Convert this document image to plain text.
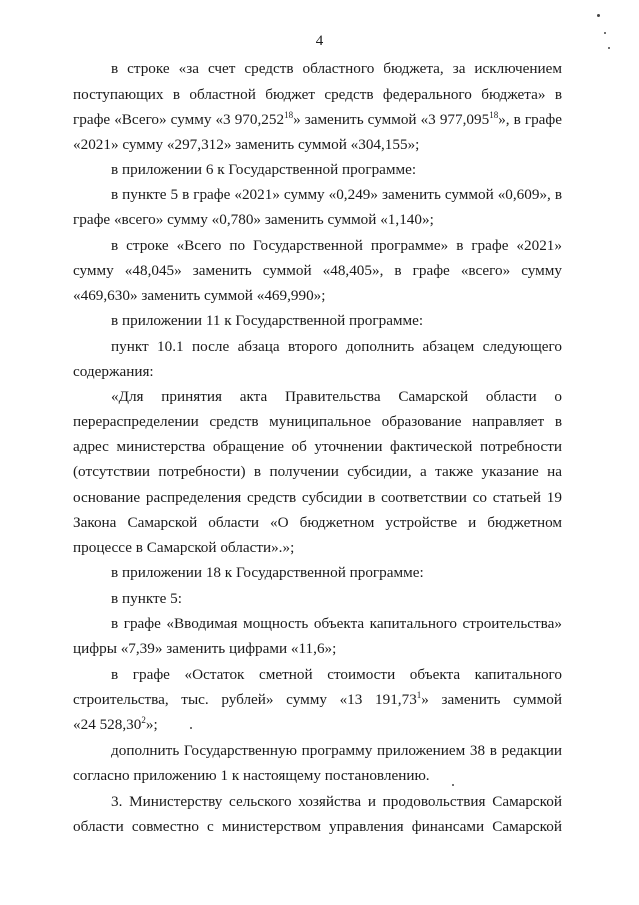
4
в строке «за счет средств областного бюджета, за исключением
поступающих в областной бюджет средств федерального бюджета» в
графе «Всего» сумму «3 970,252$^{18}$» заменить суммой «3 977,095$^{18}$», в графе
«2021» сумму «297,312» заменить суммой «304,155»;
в приложении 6 к Государственной программе:
в пункте 5 в графе «2021» сумму «0,249» заменить суммой «0,609», в
графе «всего» сумму «0,780» заменить суммой «1,140»;
в строке «Всего по Государственной программе» в графе «2021»
сумму «48,045» заменить суммой «48,405», в графе «всего» сумму
«469,630» заменить суммой «469,990»;
в приложении 11 к Государственной программе:
пункт 10.1 после абзаца второго дополнить абзацем следующего
содержания:
«Для принятия акта Правительства Самарской области о
перераспределении средств муниципальное образование направляет в
адрес министерства обращение об уточнении фактической потребности
(отсутствии потребности) в получении субсидии, а также указание на
основание распределения средств субсидии в соответствии со статьей 19
Закона Самарской области «О бюджетном устройстве и бюджетном
процессе в Самарской области».»;
в приложении 18 к Государственной программе:
в пункте 5:
в графе «Вводимая мощность объекта капитального строительства»
цифры «7,39» заменить цифрами «11,6»;
в графе «Остаток сметной стоимости объекта капитального
строительства, тыс. рублей» сумму «13 191,73$^1$» заменить суммой
«24 528,30$^2$»;
дополнить Государственную программу приложением 38 в редакции
согласно приложению 1 к настоящему постановлению.
3. Министерству сельского хозяйства и продовольствия Самарской
области совместно с министерством управления финансами Самарской
